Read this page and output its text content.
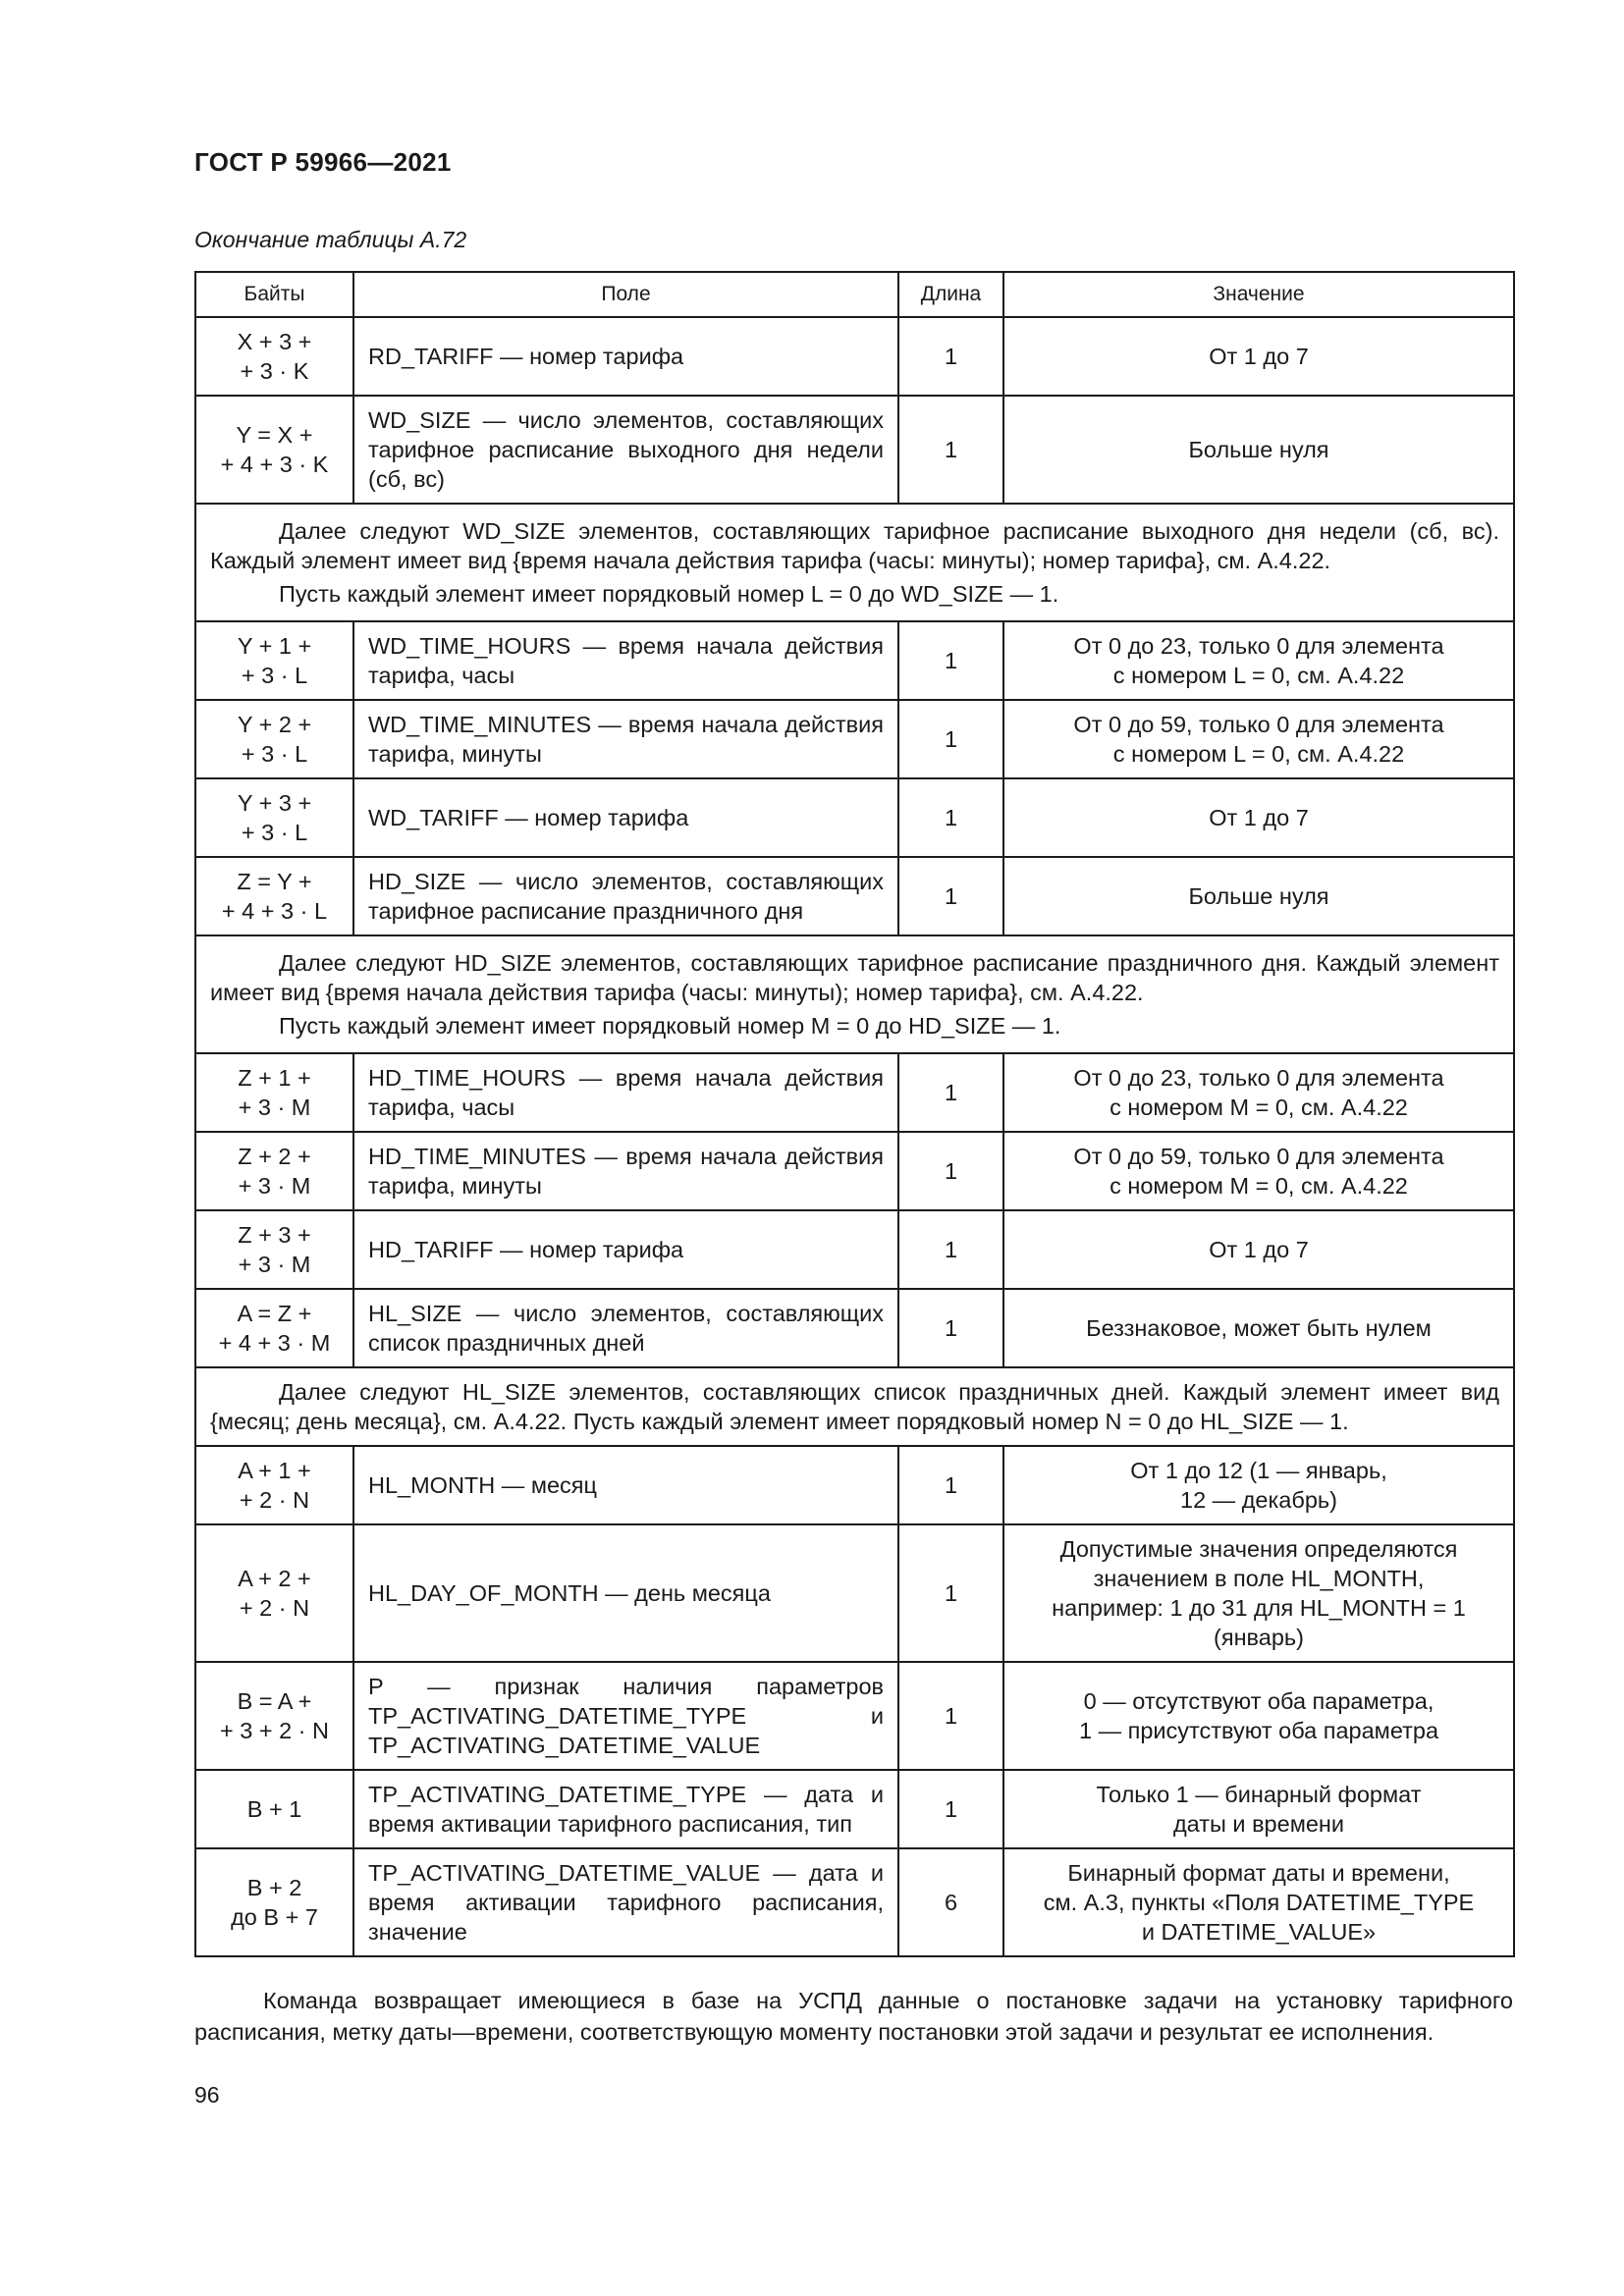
ГОСТ Р 59966—2021
Окончание таблицы А.72
Байты	Поле	Длина	Значение
X + 3 +
+ 3 · K	RD_TARIFF — номер тарифа	1	От 1 до 7
Y = X +
+ 4 + 3 · K	WD_SIZE — число элементов, составляющих тарифное расписание выходного дня недели (сб, вс)	1	Больше нуля

Далее следуют WD_SIZE элементов, составляющих тарифное расписание выходного дня недели (сб, вс). Каждый элемент имеет вид {время начала действия тарифа (часы: минуты); номер тарифа}, см. А.4.22.
Пусть каждый элемент имеет порядковый номер L = 0 до WD_SIZE — 1.			

Y + 1 +
+ 3 · L	WD_TIME_HOURS — время начала действия тарифа, часы	1	От 0 до 23, только 0 для элемента
с номером L = 0, см. А.4.22
Y + 2 +
+ 3 · L	WD_TIME_MINUTES — время начала действия тарифа, минуты	1	От 0 до 59, только 0 для элемента
с номером L = 0, см. А.4.22
Y + 3 +
+ 3 · L	WD_TARIFF — номер тарифа	1	От 1 до 7
Z = Y +
+ 4 + 3 · L	HD_SIZE — число элементов, составляющих тарифное расписание праздничного дня	1	Больше нуля

Далее следуют HD_SIZE элементов, составляющих тарифное расписание праздничного дня. Каждый элемент имеет вид {время начала действия тарифа (часы: минуты); номер тарифа}, см. А.4.22.
Пусть каждый элемент имеет порядковый номер M = 0 до HD_SIZE — 1.			

Z + 1 +
+ 3 · M	HD_TIME_HOURS — время начала действия тарифа, часы	1	От 0 до 23, только 0 для элемента
с номером M = 0, см. А.4.22
Z + 2 +
+ 3 · M	HD_TIME_MINUTES — время начала действия тарифа, минуты	1	От 0 до 59, только 0 для элемента
с номером M = 0, см. А.4.22
Z + 3 +
+ 3 · M	HD_TARIFF — номер тарифа	1	От 1 до 7
A = Z +
+ 4 + 3 · M	HL_SIZE — число элементов, составляющих список праздничных дней	1	Беззнаковое, может быть нулем

Далее следуют HL_SIZE элементов, составляющих список праздничных дней. Каждый элемент имеет вид {месяц; день месяца}, см. А.4.22. Пусть каждый элемент имеет порядковый номер N = 0 до HL_SIZE — 1.			

A + 1 +
+ 2 · N	HL_MONTH — месяц	1	От 1 до 12 (1 — январь,
12 — декабрь)
A + 2 +
+ 2 · N	HL_DAY_OF_MONTH — день месяца	1	Допустимые значения определяются
значением в поле HL_MONTH,
например: 1 до 31 для HL_MONTH = 1
(январь)
B = A +
+ 3 + 2 · N	P — признак наличия параметров TP_ACTIVATING_DATETIME_TYPE и TP_ACTIVATING_DATETIME_VALUE	1	0 — отсутствуют оба параметра,
1 — присутствуют оба параметра
B + 1	TP_ACTIVATING_DATETIME_TYPE — дата и время активации тарифного расписания, тип	1	Только 1 — бинарный формат
даты и времени
B + 2
до B + 7	TP_ACTIVATING_DATETIME_VALUE — дата и время активации тарифного расписания, значение	6	Бинарный формат даты и времени,
см. А.3, пункты «Поля DATETIME_TYPE
и DATETIME_VALUE»
Команда возвращает имеющиеся в базе на УСПД данные о постановке задачи на установку тарифного расписания, метку даты—времени, соответствующую моменту постановки этой задачи и результат ее исполнения.
96
